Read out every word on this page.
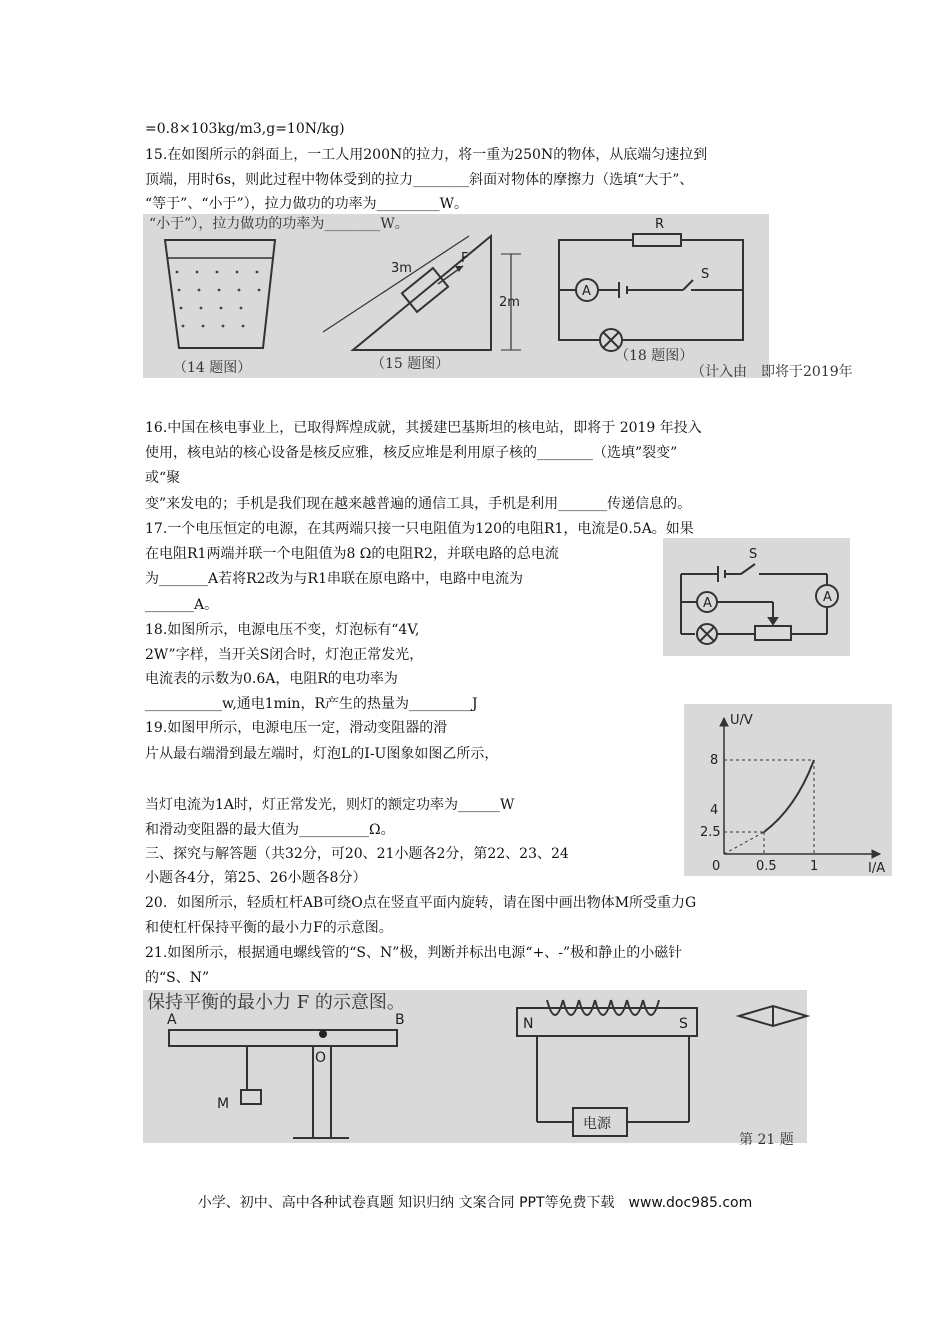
=0.8×103kg/m3,g=10N/kg)
15.在如图所示的斜面上，一工人用200N的拉力，将一重为250N的物体，从底端匀速拉到
顶端，用时6s，则此过程中物体受到的拉力________斜面对物体的摩擦力（选填“大于”、
“等于”、“小于”），拉力做功的功率为_________W。
“小于”），拉力做功的功率为________W。
（14 题图）
3m
F
2m
（15 题图）
R
A
S
（18 题图）
（计入由　即将于2019年
16.中国在核电事业上，已取得辉煌成就，其援建巴基斯坦的核电站，即将于 2019 年投入
使用，核电站的核心设备是核反应雅，核反应堆是利用原子核的________（选填”裂变”
或“聚
变”来发电的；手机是我们现在越来越普遍的通信工具，手机是利用_______传递信息的。
17.一个电压恒定的电源，在其两端只接一只电阻值为120的电阻R1，电流是0.5A。如果
在电阻R1两端并联一个电阻值为8 Ω的电阻R2，并联电路的总电流
为_______A若将R2改为与R1串联在原电路中，电路中电流为
_______A。
18.如图所示，电源电压不变，灯泡标有“4V,
2W”字样，当开关S闭合时，灯泡正常发光，
电流表的示数为0.6A，电阻R的电功率为
___________w,通电1min，R产生的热量为_________J
19.如图甲所示，电源电压一定，滑动变阻器的滑
片从最右端滑到最左端时，灯泡L的I-U图象如图乙所示，
当灯电流为1A时，灯正常发光，则灯的额定功率为______W
和滑动变阻器的最大值为__________Ω。
三、探究与解答题（共32分，可20、21小题各2分，第22、23、24
小题各4分，第25、26小题各8分）
20．如图所示，轻质杠杆AB可绕O点在竖直平面内旋转，请在图中画出物体M所受重力G
和使杠杆保持平衡的最小力F的示意图。
21.如图所示，根据通电螺线管的“S、N”极，判断并标出电源“+、-”极和静止的小磁针
的“S、N”
S
A	A
U/V
I/A
8
4
2.5
0.5	1
0
保持平衡的最小力 F 的示意图。
A	B
O
M
N	S
电源
第 21 题
小学、初中、高中各种试卷真题 知识归纳 文案合同 PPT等免费下载　www.doc985.com
